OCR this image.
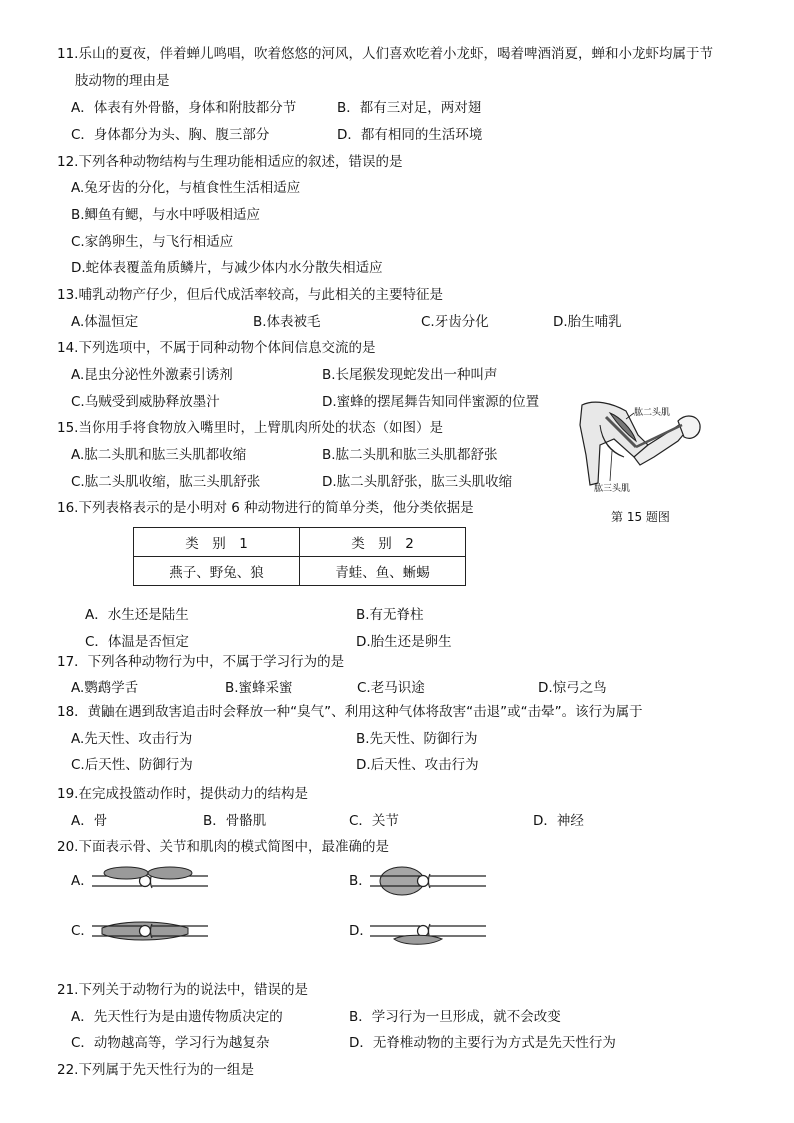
11.乐山的夏夜，伴着蝉儿鸣唱，吹着悠悠的河风，人们喜欢吃着小龙虾，喝着啤酒消夏，蝉和小龙虾均属于节
肢动物的理由是
A．体表有外骨骼，身体和附肢都分节	B．都有三对足，两对翅
C．身体都分为头、胸、腹三部分	D．都有相同的生活环境
12.下列各种动物结构与生理功能相适应的叙述，错误的是
A.兔牙齿的分化，与植食性生活相适应
B.鲫鱼有鳃，与水中呼吸相适应
C.家鸽卵生，与飞行相适应
D.蛇体表覆盖角质鳞片，与减少体内水分散失相适应
13.哺乳动物产仔少，但后代成活率较高，与此相关的主要特征是
A.体温恒定	B.体表被毛	C.牙齿分化	D.胎生哺乳
14.下列选项中，不属于同种动物个体间信息交流的是
A.昆虫分泌性外激素引诱剂	B.长尾猴发现蛇发出一种叫声
C.乌贼受到威胁释放墨汁	D.蜜蜂的摆尾舞告知同伴蜜源的位置
15.当你用手将食物放入嘴里时，上臂肌肉所处的状态（如图）是
A.肱二头肌和肱三头肌都收缩	B.肱二头肌和肱三头肌都舒张
C.肱二头肌收缩，肱三头肌舒张	D.肱二头肌舒张，肱三头肌收缩
肱二头肌
肱三头肌
第 15 题图
16.下列表格表示的是小明对 6 种动物进行的简单分类，他分类依据是
类　别　1	类　别　2
燕子、野兔、狼	青蛙、鱼、蜥蜴
A．水生还是陆生	B.有无脊柱
C．体温是否恒定	D.胎生还是卵生
17．下列各种动物行为中，不属于学习行为的是
A.鹦鹉学舌	B.蜜蜂采蜜	C.老马识途	D.惊弓之鸟
18．黄鼬在遇到敌害追击时会释放一种“臭气”、利用这种气体将敌害“击退”或“击晕”。该行为属于
A.先天性、攻击行为	B.先天性、防御行为
C.后天性、防御行为	D.后天性、攻击行为
19.在完成投篮动作时，提供动力的结构是
A．骨	B．骨骼肌	C．关节	D．神经
20.下面表示骨、关节和肌肉的模式简图中，最准确的是
A．	B．
C．	D．
21.下列关于动物行为的说法中，错误的是
A．先天性行为是由遗传物质决定的	B．学习行为一旦形成，就不会改变
C．动物越高等，学习行为越复杂	D．无脊椎动物的主要行为方式是先天性行为
22.下列属于先天性行为的一组是
